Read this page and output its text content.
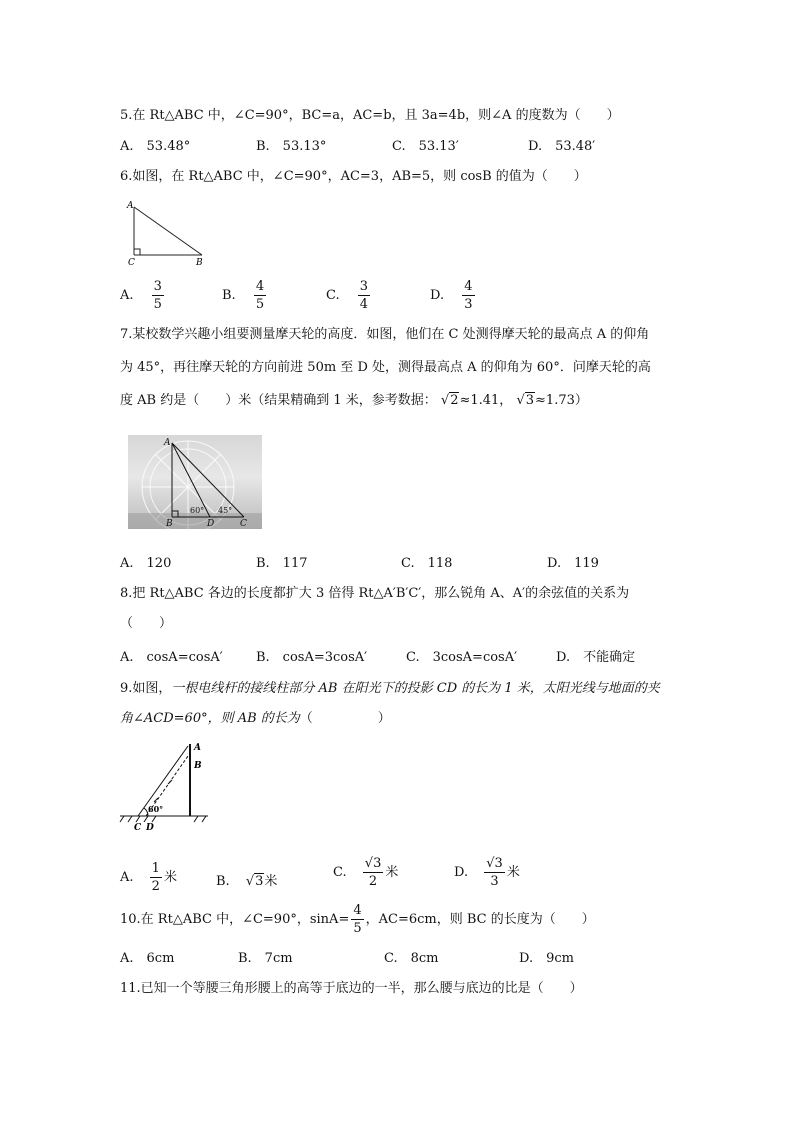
5.在 Rt△ABC 中，∠C=90°，BC=a，AC=b，且 3a=4b，则∠A 的度数为（　　）
A.　53.48°	B.　53.13°	C.　53.13′	D.　53.48′
6.如图，在 Rt△ABC 中，∠C=90°，AC=3，AB=5，则 cosB 的值为（　　）
A
C	B
A. $\frac{3}{5}$	B. $\frac{4}{5}$	C. $\frac{3}{4}$	D. $\frac{4}{3}$
7.某校数学兴趣小组要测量摩天轮的高度．如图，他们在 C 处测得摩天轮的最高点 A 的仰角
为 45°，再往摩天轮的方向前进 50m 至 D 处，测得最高点 A 的仰角为 60°．问摩天轮的高
度 AB 约是（　　）米（结果精确到 1 米，参考数据： √2≈1.41， √3≈1.73）
A
B	D	C
60° 45°
A.　120	B.　117	C.　118	D.　119
8.把 Rt△ABC 各边的长度都扩大 3 倍得 Rt△A′B′C′，那么锐角 A、A′的余弦值的关系为
（　　）
A.　cosA=cosA′	B.　cosA=3cosA′	C.　3cosA=cosA′	D.　不能确定
9.如图，一根电线杆的接线柱部分 AB 在阳光下的投影 CD 的长为 1 米，太阳光线与地面的夹
角∠ACD=60°，则 AB 的长为（　　　　　）
A
B
C D
60°
A. $\frac{1}{2}$ 米	B. √3米
C. $\frac{√3}{2}$ 米	D. $\frac{√3}{3}$ 米
10.在 Rt△ABC 中，∠C=90°，$\sin A= \frac{4}{5}$ ，AC=6cm，则 BC 的长度为（　　）
A.　6cm	B.　7cm	C.　8cm	D.　9cm
11.已知一个等腰三角形腰上的高等于底边的一半，那么腰与底边的比是（　　）
